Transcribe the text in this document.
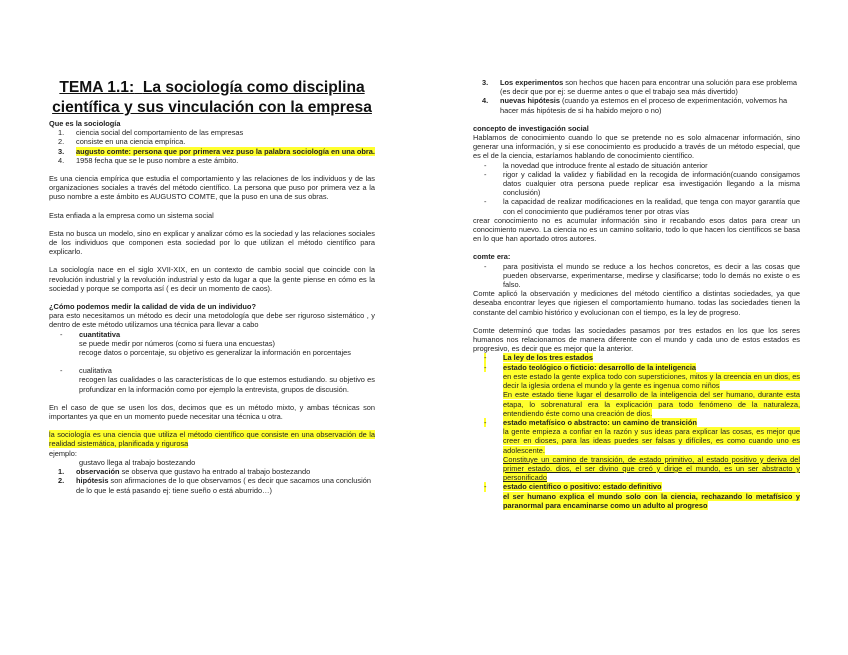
TEMA 1.1: La sociología como disciplina científica y sus vinculación con la empresa
Que es la sociología
1. ciencia social del comportamiento de las empresas
2. consiste en una ciencia empírica.
3. augusto comte: persona que por primera vez puso la palabra sociología en una obra.
4. 1958 fecha que se le puso nombre a este ámbito.

Es una ciencia empírica que estudia el comportamiento y las relaciones de los individuos y de las organizaciones sociales a través del método científico. La persona que puso por primera vez a la puso nombre a este ámbito es AUGUSTO COMTE, que la puso en una de sus obras.

Esta enfiada a la empresa como un sistema social

Esta no busca un modelo, sino en explicar y analizar cómo es la sociedad y las relaciones sociales de los individuos que componen esta sociedad por lo que utilizan el método científico para explicarlo.

La sociología nace en el siglo XVII-XIX, en un contexto de cambio social que coincide con la revolución industrial y la revolución industrial y esto da lugar a que la gente piense en cómo es la sociedad y porque se comporta así ( es decir un momento de caos).

¿Cómo podemos medir la calidad de vida de un individuo?

para esto necesitamos un método es decir una metodología que debe ser riguroso sistemático , y dentro de este método utilizamos una técnica para llevar a cabo

- cuantitativa
se puede medir por números (como si fuera una encuestas)
recoge datos o porcentaje, su objetivo es generalizar la información en porcentajes
- cualitativa
recogen las cualidades o las características de lo que estemos estudiando. su objetivo es profundizar en la información como por ejemplo la entrevista, grupos de discusión.

En el caso de que se usen los dos, decimos que es un método mixto, y ambas técnicas son importantes ya que en un momento puede necesitar una técnica u otra.

la sociología es una ciencia que utiliza el método científico que consiste en una observación de la realidad sistemática, planificada y rigurosa

ejemplo:
gustavo llega al trabajo bostezando
1. observación se observa que gustavo ha entrado al trabajo bostezando
2. hipótesis son afirmaciones de lo que observamos ( es decir que sacamos una conclusión de lo que le está pasando ej: tiene sueño o está aburrido…)
3. Los experimentos son hechos que hacen para encontrar una solución para ese problema (es decir que por ej: se duerme antes o que el trabajo sea más divertido)
4. nuevas hipótesis (cuando ya estemos en el proceso de experimentación, volvemos ha hacer más hipótesis de si ha habido mejoro o no)
concepto de investigación social

Hablamos de conocimiento cuando lo que se pretende no es solo almacenar información, sino generar una información, y si ese conocimiento es producido a través de un método especial, que es el de la ciencia, estaríamos hablando de conocimiento científico.

- la novedad que introduce frente al estado de situación anterior
- rigor y calidad la validez y fiabilidad en la recogida de información(cuando consigamos datos cualquier otra persona puede replicar esa investigación llegando a la misma conclusión)
- la capacidad de realizar modificaciones en la realidad, que tenga con mayor garantía que con el conocimiento que pudiéramos tener por otras vías

crear conocimiento no es acumular información sino ir recabando esos datos para crear un conocimiento nuevo. La ciencia no es un camino solitario, todo lo que hacen los científicos se basa en lo que han aportado otros autores.

comte era:
- para positivista el mundo se reduce a los hechos concretos, es decir a las cosas que pueden observarse, experimentarse, medirse y clasificarse; todo lo demás no existe o es falso.

Comte aplicó la observación y mediciones del método científico a distintas sociedades, ya que deseaba encontrar leyes que rigiesen el comportamiento humano. todas las sociedades tienen la constante del cambio histórico y evolucionan con el tiempo, es la ley de progreso.

Comte determinó que todas las sociedades pasamos por tres estados en los que los seres humanos nos relacionamos de manera diferente con el mundo y cada uno de estos estados es progresivo, es decir que es mejor que la anterior.

- La ley de los tres estados
- estado teológico o ficticio: desarrollo de la inteligencia
en este estado la gente explica todo con supersticiones, mitos y la creencia en un dios, es decir la iglesia ordena el mundo y la gente es ingenua como niños
En este estado tiene lugar el desarrollo de la inteligencia del ser humano, durante esta etapa, lo sobrenatural era la explicación para todo fenómeno de la naturaleza, entendiendo éste como una creación de dios.
- estado metafísico o abstracto: un camino de transición
la gente empieza a confiar en la razón y sus ideas para explicar las cosas, es mejor que creer en dioses, para las ideas puedes ser falsas y difíciles, es como cuando uno es adolescente.
Constituye un camino de transición, de estado primitivo, al estado positivo y deriva del primer estado. dios, el ser divino que creó y dirige el mundo, es un ser abstracto y personificado
- estado científico o positivo: estado definitivo
el ser humano explica el mundo solo con la ciencia, rechazando lo metafísico y paranormal para encaminarse como un adulto al progreso
